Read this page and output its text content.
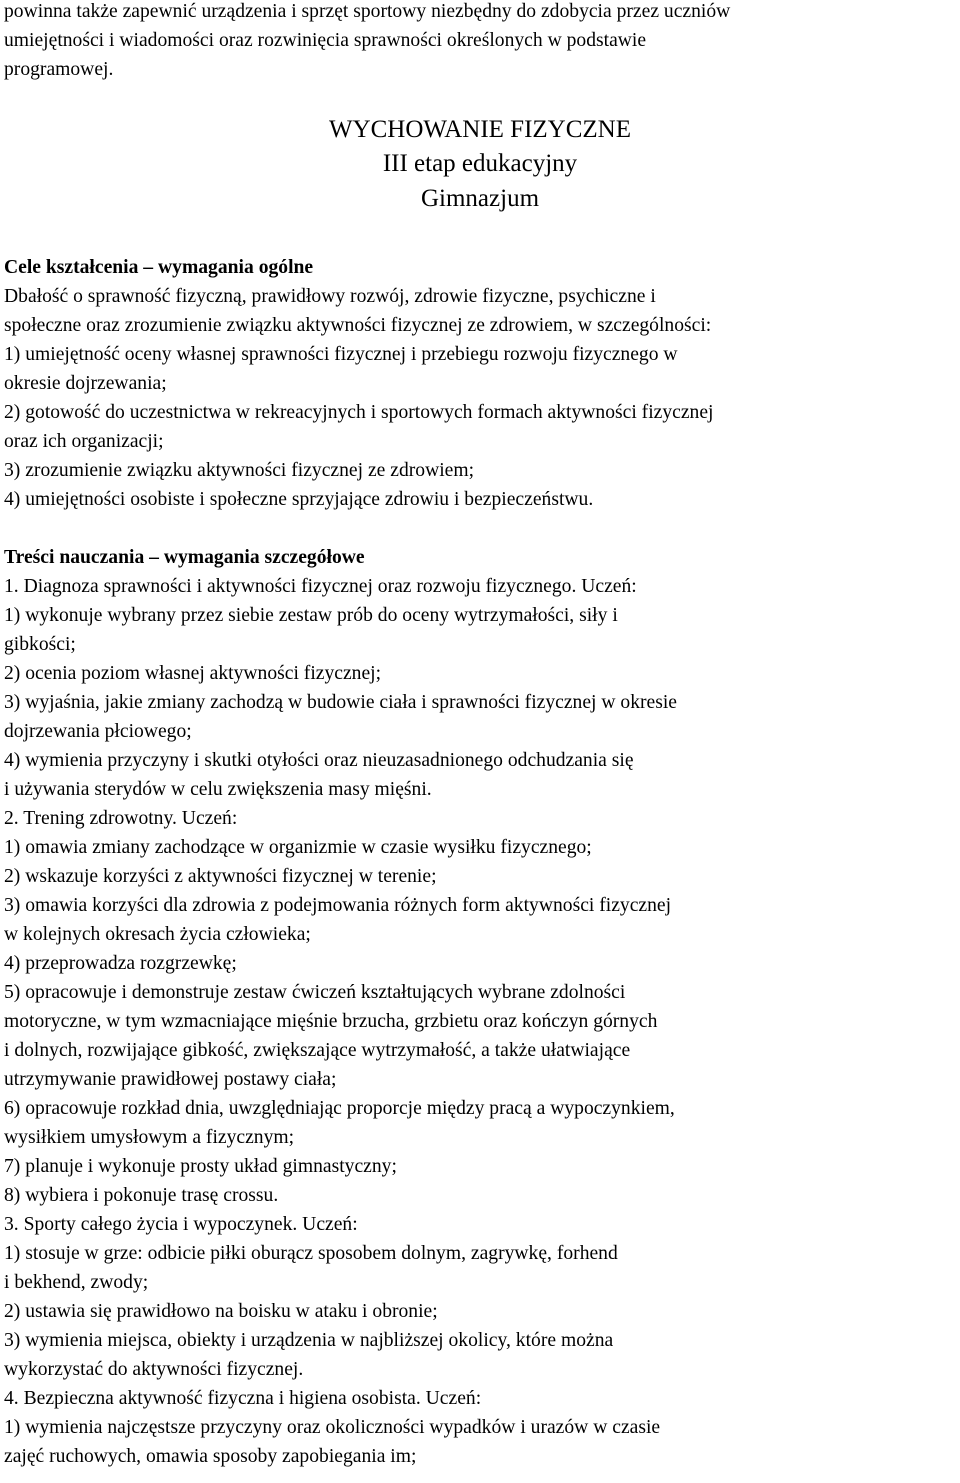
powinna także zapewnić urządzenia i sprzęt sportowy niezbędny do zdobycia przez uczniów
umiejętności i wiadomości oraz rozwinięcia sprawności określonych w podstawie
programowej.
WYCHOWANIE FIZYCZNE
III etap edukacyjny
Gimnazjum
Cele kształcenia – wymagania ogólne
Dbałość o sprawność fizyczną, prawidłowy rozwój, zdrowie fizyczne, psychiczne i
społeczne oraz zrozumienie związku aktywności fizycznej ze zdrowiem, w szczególności:
1) umiejętność oceny własnej sprawności fizycznej i przebiegu rozwoju fizycznego w
okresie dojrzewania;
2) gotowość do uczestnictwa w rekreacyjnych i sportowych formach aktywności fizycznej
oraz ich organizacji;
3) zrozumienie związku aktywności fizycznej ze zdrowiem;
4) umiejętności osobiste i społeczne sprzyjające zdrowiu i bezpieczeństwu.
Treści nauczania – wymagania szczegółowe
1. Diagnoza sprawności i aktywności fizycznej oraz rozwoju fizycznego. Uczeń:
1) wykonuje wybrany przez siebie zestaw prób do oceny wytrzymałości, siły i
gibkości;
2) ocenia poziom własnej aktywności fizycznej;
3) wyjaśnia, jakie zmiany zachodzą w budowie ciała i sprawności fizycznej w okresie
dojrzewania płciowego;
4) wymienia przyczyny i skutki otyłości oraz nieuzasadnionego odchudzania się
i używania sterydów w celu zwiększenia masy mięśni.
2. Trening zdrowotny. Uczeń:
1) omawia zmiany zachodzące w organizmie w czasie wysiłku fizycznego;
2) wskazuje korzyści z aktywności fizycznej w terenie;
3) omawia korzyści dla zdrowia z podejmowania różnych form aktywności fizycznej
w kolejnych okresach życia człowieka;
4) przeprowadza rozgrzewkę;
5) opracowuje i demonstruje zestaw ćwiczeń kształtujących wybrane zdolności
motoryczne, w tym wzmacniające mięśnie brzucha, grzbietu oraz kończyn górnych
i dolnych, rozwijające gibkość, zwiększające wytrzymałość, a także ułatwiające
utrzymywanie prawidłowej postawy ciała;
6) opracowuje rozkład dnia, uwzględniając proporcje między pracą a wypoczynkiem,
wysiłkiem umysłowym a fizycznym;
7) planuje i wykonuje prosty układ gimnastyczny;
8) wybiera i pokonuje trasę crossu.
3. Sporty całego życia i wypoczynek. Uczeń:
1) stosuje w grze: odbicie piłki oburącz sposobem dolnym, zagrywkę, forhend
i bekhend, zwody;
2) ustawia się prawidłowo na boisku w ataku i obronie;
3) wymienia miejsca, obiekty i urządzenia w najbliższej okolicy, które można
wykorzystać do aktywności fizycznej.
4. Bezpieczna aktywność fizyczna i higiena osobista. Uczeń:
1) wymienia najczęstsze przyczyny oraz okoliczności wypadków i urazów w czasie
zajęć ruchowych, omawia sposoby zapobiegania im;
